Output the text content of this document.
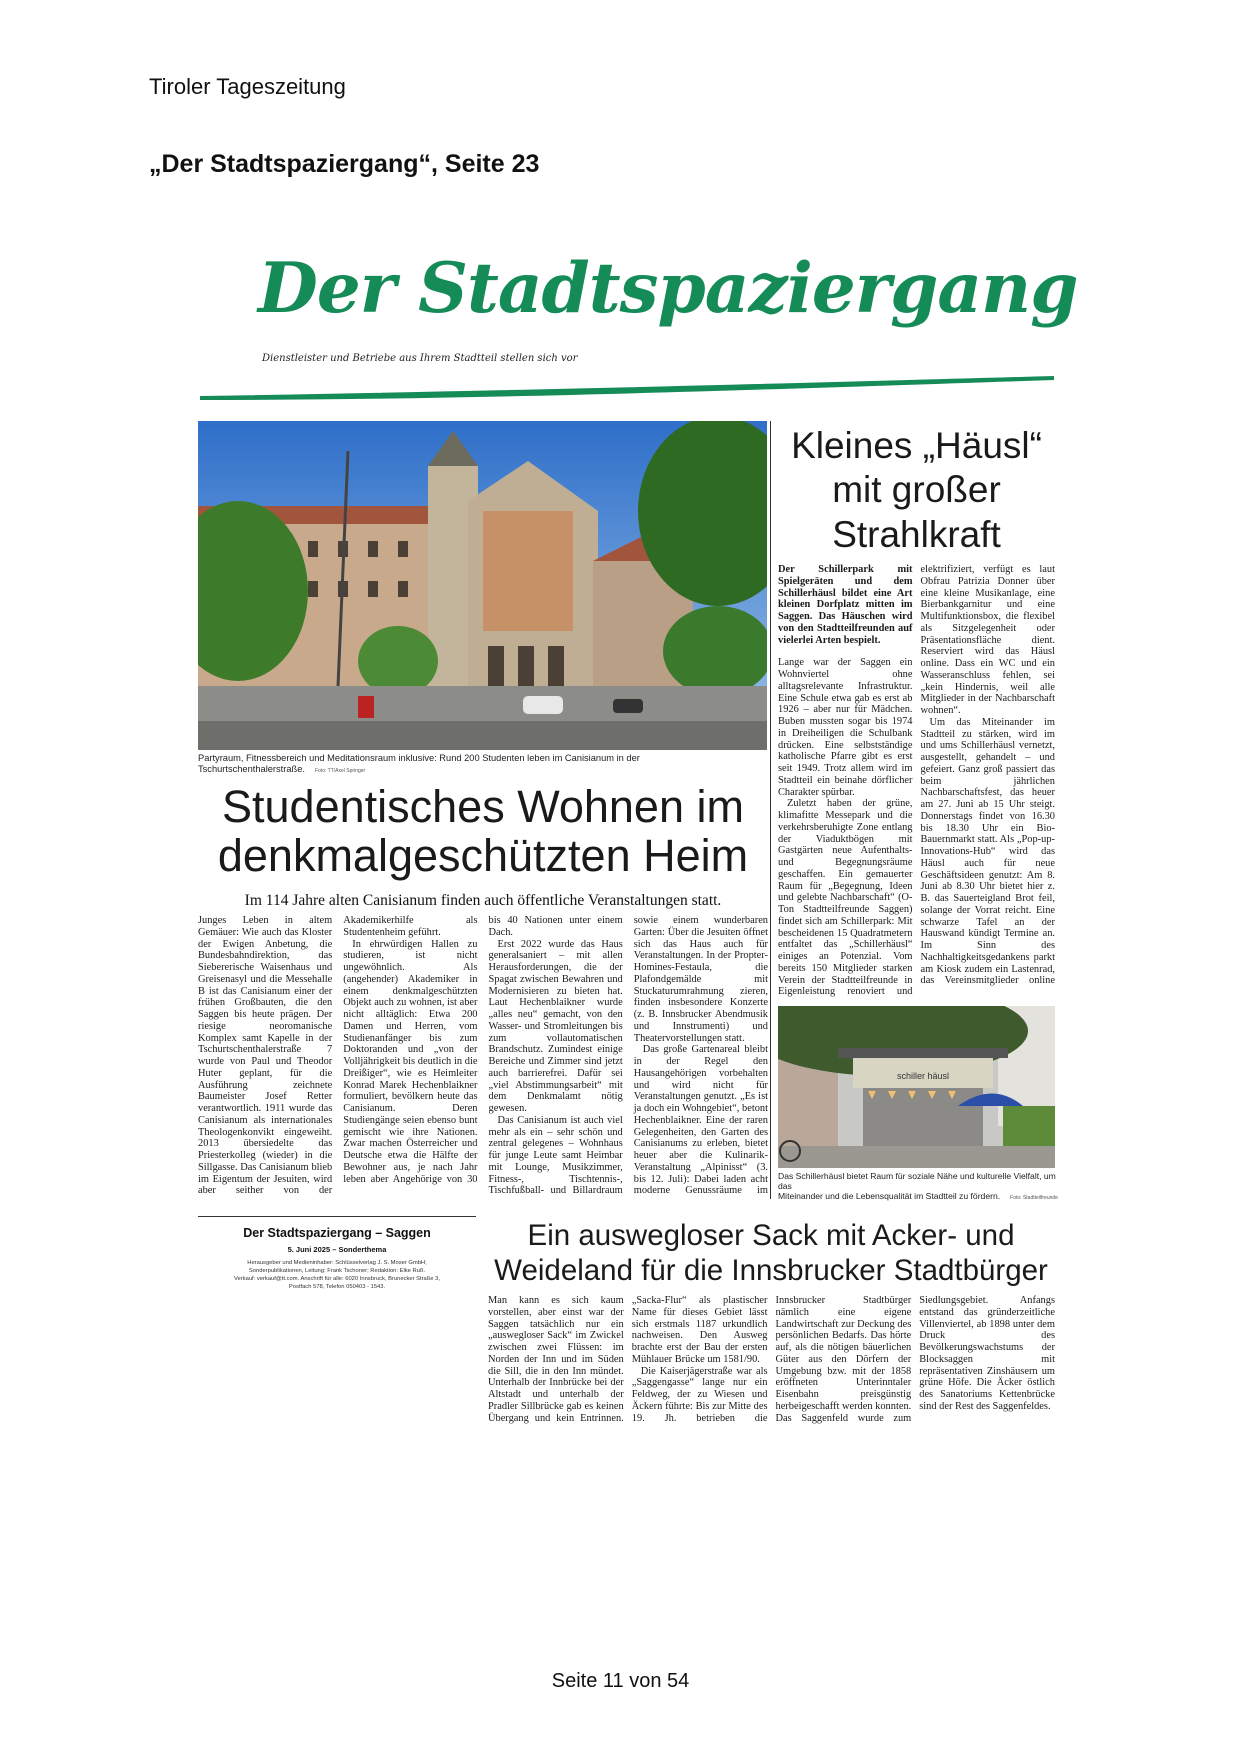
Tiroler Tageszeitung
„Der Stadtspaziergang“, Seite 23
Der Stadtspaziergang
Dienstleister und Betriebe aus Ihrem Stadtteil stellen sich vor
Partyraum, Fitnessbereich und Meditationsraum inklusive: Rund 200 Studenten leben im Canisianum in der Tschurtschenthalerstraße. Foto: TT/Axel Springer
Studentisches Wohnen im
denkmalgeschützten Heim
Im 114 Jahre alten Canisianum finden auch öffentliche Veranstaltungen statt.

Junges Leben in altem Gemäuer: Wie auch das Kloster der Ewigen Anbetung, die Bundesbahndirektion, das Siebererische Waisenhaus und Greisenasyl und die Messehalle B ist das Canisianum einer der frühen Großbauten, die den Saggen bis heute prägen. Der riesige neoromanische Komplex samt Kapelle in der Tschurtschenthalerstraße 7 wurde von Paul und Theodor Huter geplant, für die Ausführung zeichnete Baumeister Josef Retter verantwortlich. 1911 wurde das Canisianum als internationales Theologenkonvikt eingeweiht. 2013 übersiedelte das Priesterkolleg (wieder) in die Sillgasse. Das Canisianum blieb im Eigentum der Jesuiten, wird aber seither von der Akademikerhilfe als Studentenheim geführt.

In ehrwürdigen Hallen zu studieren, ist nicht ungewöhnlich. Als (angehender) Akademiker in einem denkmalgeschützten Objekt auch zu wohnen, ist aber nicht alltäglich: Etwa 200 Damen und Herren, vom Studienanfänger bis zum Doktoranden und „von der Volljährigkeit bis deutlich in die Dreißiger“, wie es Heimleiter Konrad Marek Hechenblaikner formuliert, bevölkern heute das Canisianum. Deren Studiengänge seien ebenso bunt gemischt wie ihre Nationen. Zwar machen Österreicher und Deutsche etwa die Hälfte der Bewohner aus, je nach Jahr leben aber Angehörige von 30 bis 40 Nationen unter einem Dach.

Erst 2022 wurde das Haus generalsaniert – mit allen Herausforderungen, die der Spagat zwischen Bewahren und Modernisieren zu bieten hat. Laut Hechenblaikner wurde „alles neu“ gemacht, von den Wasser- und Stromleitungen bis zum vollautomatischen Brandschutz. Zumindest einige Bereiche und Zimmer sind jetzt auch barrierefrei. Dafür sei „viel Abstimmungsarbeit“ mit dem Denkmalamt nötig gewesen.

Das Canisianum ist auch viel mehr als ein – sehr schön und zentral gelegenes – Wohnhaus für junge Leute samt Heimbar mit Lounge, Musikzimmer, Fitness-, Tischtennis-, Tischfußball- und Billardraum sowie einem wunderbaren Garten: Über die Jesuiten öffnet sich das Haus auch für Veranstaltungen. In der Propter-Homines-Festaula, die Plafondgemälde mit Stuckaturumrahmung zieren, finden insbesondere Konzerte (z. B. Innsbrucker Abendmusik und Innstrumenti) und Theatervorstellungen statt.

Das große Gartenareal bleibt in der Regel den Hausangehörigen vorbehalten und wird nicht für Veranstaltungen genutzt. „Es ist ja doch ein Wohngebiet“, betont Hechenblaikner. Eine der raren Gelegenheiten, den Garten des Canisianums zu erleben, bietet heuer aber die Kulinarik-Veranstaltung „Alpinisst“ (3. bis 12. Juli): Dabei laden acht moderne Genussräume im

Kleines „Häusl“
mit großer
Strahlkraft

Der Schillerpark mit Spielgeräten und dem Schillerhäusl bildet eine Art kleinen Dorfplatz mitten im Saggen. Das Häuschen wird von den Stadtteilfreunden auf vielerlei Arten bespielt.

Lange war der Saggen ein Wohnviertel ohne alltagsrelevante Infrastruktur. Eine Schule etwa gab es erst ab 1926 – aber nur für Mädchen. Buben mussten sogar bis 1974 in Dreiheiligen die Schulbank drücken. Eine selbstständige katholische Pfarre gibt es erst seit 1949. Trotz allem wird im Stadtteil ein beinahe dörflicher Charakter spürbar.

Zuletzt haben der grüne, klimafitte Messepark und die verkehrsberuhigte Zone entlang der Viaduktbögen mit Gastgärten neue Aufenthalts- und Begegnungsräume geschaffen. Ein gemauerter Raum für „Begegnung, Ideen und gelebte Nachbarschaft“ (O-Ton Stadtteilfreunde Saggen) findet sich am Schillerpark: Mit bescheidenen 15 Quadratmetern entfaltet das „Schillerhäusl“ einiges an Potenzial. Vom bereits 150 Mitglieder starken Verein der Stadtteilfreunde in Eigenleistung renoviert und elektrifiziert, verfügt es laut Obfrau Patrizia Donner über eine kleine Musikanlage, eine Bierbankgarnitur und eine Multifunktionsbox, die flexibel als Sitzgelegenheit oder Präsentationsfläche dient. Reserviert wird das Häusl online. Dass ein WC und ein Wasseranschluss fehlen, sei „kein Hindernis, weil alle Mitglieder in der Nachbarschaft wohnen“.

Um das Miteinander im Stadtteil zu stärken, wird im und ums Schillerhäusl vernetzt, ausgestellt, gehandelt – und gefeiert. Ganz groß passiert das beim jährlichen Nachbarschaftsfest, das heuer am 27. Juni ab 15 Uhr steigt. Donnerstags findet von 16.30 bis 18.30 Uhr ein Bio-Bauernmarkt statt. Als „Pop-up-Innovations-Hub“ wird das Häusl auch für neue Geschäftsideen genutzt: Am 8. Juni ab 8.30 Uhr bietet hier z. B. das Sauerteigland Brot feil, solange der Vorrat reicht. Eine schwarze Tafel an der Hauswand kündigt Termine an. Im Sinn des Nachhaltigkeitsgedankens parkt am Kiosk zudem ein Lastenrad, das Vereinsmitglieder online

schiller häusl
Das Schillerhäusl bietet Raum für soziale Nähe und kulturelle Vielfalt, um das
Miteinander und die Lebensqualität im Stadtteil zu fördern. Foto: Stadtteilfreunde
Der Stadtspaziergang – Saggen
5. Juni 2025 – Sonderthema
Herausgeber und Medieninhaber: Schlüsselverlag J. S. Moser GmbH;
Sonderpublikationen, Leitung: Frank Tschoner; Redaktion: Elke Ruß.
Verkauf: verkauf@tt.com. Anschrift für alle: 6020 Innsbruck, Brunecker Straße 3,
Postfach 578, Telefon 050403 - 1543.
Ein auswegloser Sack mit Acker- und
Weideland für die Innsbrucker Stadtbürger

Man kann es sich kaum vorstellen, aber einst war der Saggen tatsächlich nur ein „auswegloser Sack“ im Zwickel zwischen zwei Flüssen: im Norden der Inn und im Süden die Sill, die in den Inn mündet. Unterhalb der Innbrücke bei der Altstadt und unterhalb der Pradler Sillbrücke gab es keinen Übergang und kein Entrinnen. „Sacka-Flur“ als plastischer Name für dieses Gebiet lässt sich erstmals 1187 urkundlich nachweisen. Den Ausweg brachte erst der Bau der ersten Mühlauer Brücke um 1581/90.

Die Kaiserjägerstraße war als „Saggengasse“ lange nur ein Feldweg, der zu Wiesen und Äckern führte: Bis zur Mitte des 19. Jh. betrieben die Innsbrucker Stadtbürger nämlich eine eigene Landwirtschaft zur Deckung des persönlichen Bedarfs. Das hörte auf, als die nötigen bäuerlichen Güter aus den Dörfern der Umgebung bzw. mit der 1858 eröffneten Unterinntaler Eisenbahn preisgünstig herbeigeschafft werden konnten. Das Saggenfeld wurde zum Siedlungsgebiet. Anfangs entstand das gründerzeitliche Villenviertel, ab 1898 unter dem Druck des Bevölkerungswachstums der Blocksaggen mit repräsentativen Zinshäusern um grüne Höfe. Die Äcker östlich des Sanatoriums Kettenbrücke sind der Rest des Saggenfeldes.

Seite 11 von 54
